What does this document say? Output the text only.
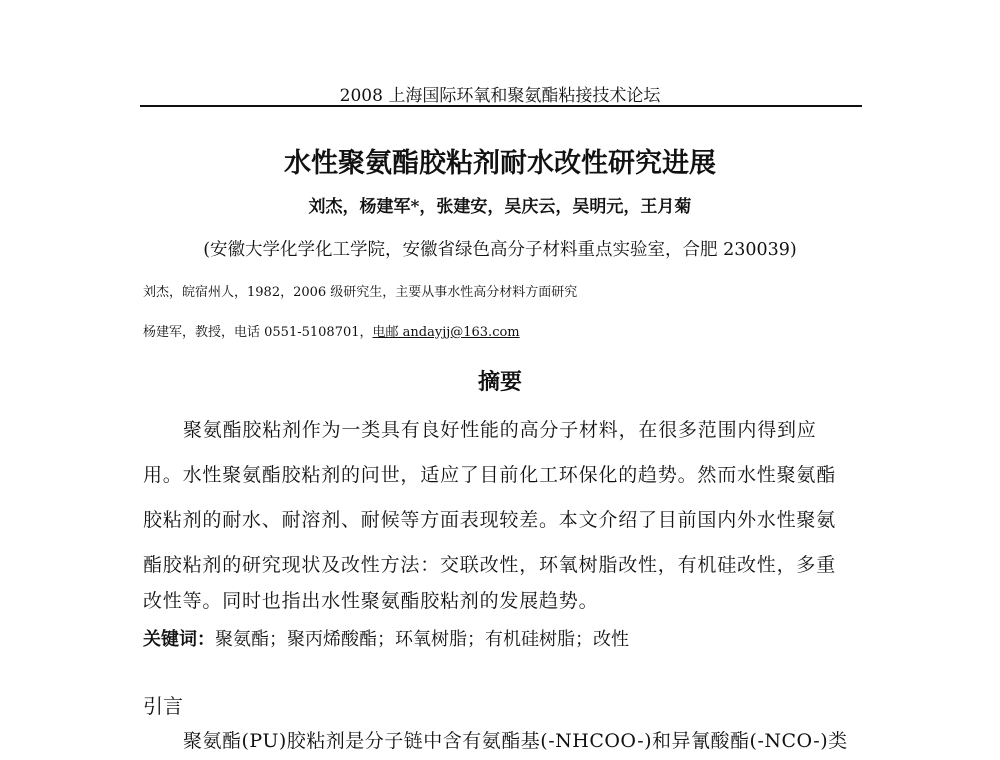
2008 上海国际环氧和聚氨酯粘接技术论坛
水性聚氨酯胶粘剂耐水改性研究进展
刘杰，杨建军*，张建安，吴庆云，吴明元，王月菊
(安徽大学化学化工学院，安徽省绿色高分子材料重点实验室，合肥 230039)
刘杰，皖宿州人，1982，2006 级研究生，主要从事水性高分材料方面研究
杨建军，教授，电话 0551-5108701，电邮 andayjj@163.com
摘要
聚氨酯胶粘剂作为一类具有良好性能的高分子材料，在很多范围内得到应
用。水性聚氨酯胶粘剂的问世，适应了目前化工环保化的趋势。然而水性聚氨酯
胶粘剂的耐水、耐溶剂、耐候等方面表现较差。本文介绍了目前国内外水性聚氨
酯胶粘剂的研究现状及改性方法：交联改性，环氧树脂改性，有机硅改性，多重
改性等。同时也指出水性聚氨酯胶粘剂的发展趋势。
关键词：聚氨酯；聚丙烯酸酯；环氧树脂；有机硅树脂；改性
引言
聚氨酯(PU)胶粘剂是分子链中含有氨酯基(-NHCOO-)和异氰酸酯(-NCO-)类
